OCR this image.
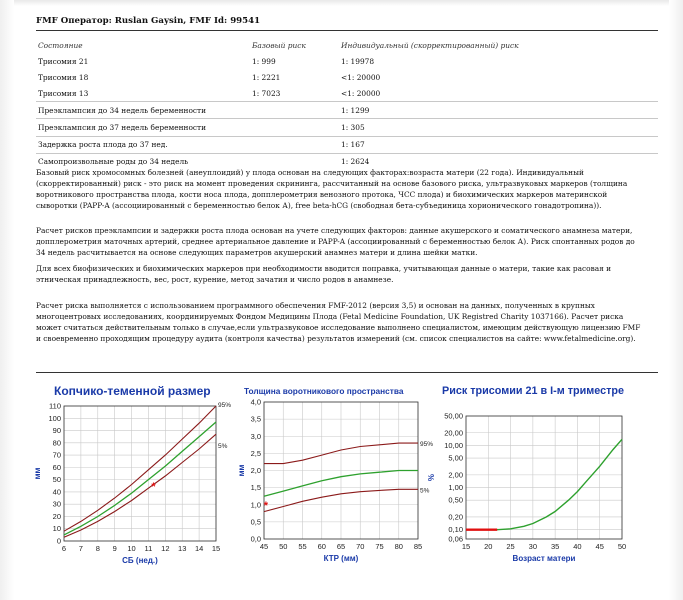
FMF Оператор: Ruslan Gaysin, FMF Id: 99541
Состояние	Базовый риск	Индивидуальный (скорректированный) риск
Трисомия 21	1: 999	1: 19978
Трисомия 18	1: 2221	<1: 20000
Трисомия 13	1: 7023	<1: 20000
Преэклампсия до 34 недель беременности		1: 1299
Преэклампсия до 37 недель беременности		1: 305
Задержка роста плода до 37 нед.		1: 167
Самопроизвольные роды до 34 недель		1: 2624

Базовый риск хромосомных болезней (анеуплоидий) у плода основан на следующих факторах:возраста матери (22 года). Индивидуальный (скорректированный) риск - это риск на момент проведения скрининга, рассчитанный на основе базового риска, ультразвуковых маркеров (толщина воротникового пространства плода, кости носа плода, допплерометрия венозного протока, ЧСС плода) и биохимических маркеров материнской сыворотки (PAPP-A (ассоциированный с беременностью белок А), free beta-hCG (свободная бета-субъединица хорионического гонадотропина)).

Расчет рисков преэклампсии и задержки роста плода основан на учете следующих факторов: данные акушерского и соматического анамнеза матери, допплерометрия маточных артерий, среднее артериальное давление и PAPP-A (ассоциированный с беременностью белок А). Риск спонтанных родов до 34 недель расчитывается на основе следующих параметров акушерский анамнез матери и длина шейки матки.

Для всех биофизических и биохимических маркеров при необходимости вводится поправка, учитывающая данные о матери, такие как расовая и этническая принадлежность, вес, рост, курение, метод зачатия и число родов в анамнезе.

Расчет риска выполняется с использованием программного обеспечения FMF-2012 (версия 3,5) и основан на данных, полученных в крупных многоцентровых исследованиях, координируемых Фондом Медицины Плода (Fetal Medicine Foundation, UK Registred Charity 1037166). Расчет риска может считаться действительным только в случае,если ультразвуковое исследование выполнено специалистом, имеющим действующую лицензию FMF и своевременно проходящим процедуру аудита (контроля качества) результатов измерений (см. список специалистов на сайте: www.fetalmedicine.org).

Копчико-теменной размер	Толщина воротникового пространства	Риск трисомии 21 в I-м триместре
0
10
20
30
40
50
60
70
80
90
100
110
6 7 8 9 10 11 12 13 14 15
95%
5%
*
СБ (нед.)
мм
0,0
0,5
1,0
1,5
2,0
2,5
3,0
3,5
4,0
45 50 55 60 65 70 75 80 85
95%
5%
*
КТР (мм)
мм
0,06
0,10
0,20
0,50
1,00
2,00
5,00
10,00
20,00
50,00
15 20 25 30 35 40 45 50
Возраст матери
%
